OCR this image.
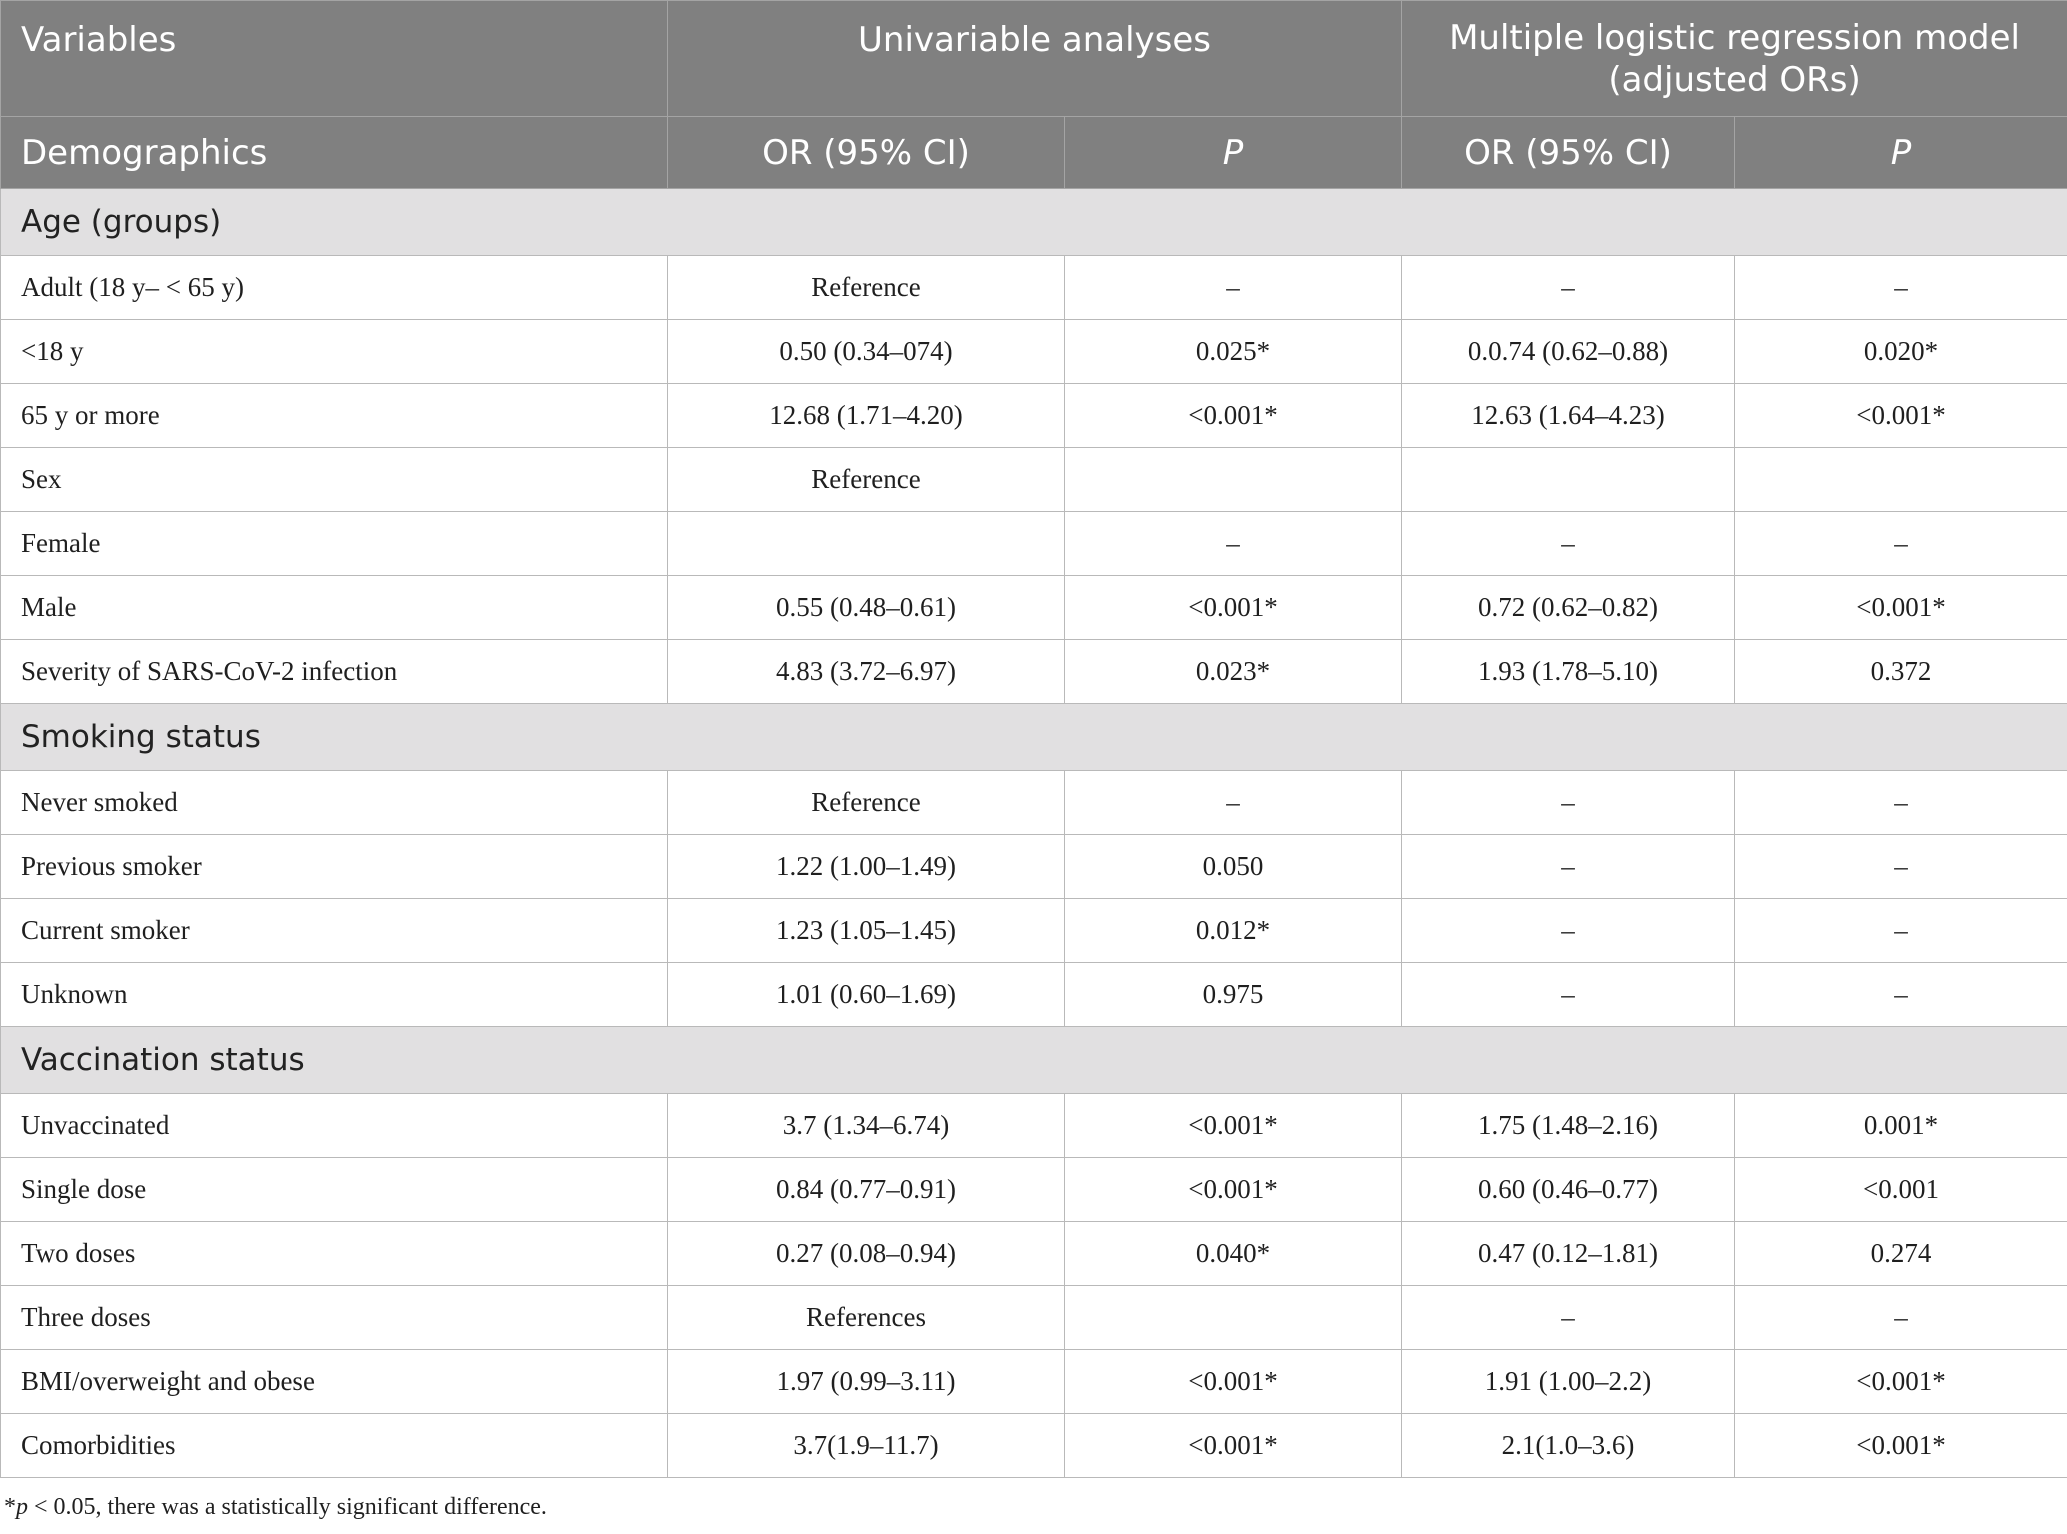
Variables	Univariable analyses		Multiple logistic regression model
(adjusted ORs)	

Demographics	OR (95% CI)	P	OR (95% CI)	P
Age (groups)				
Adult (18 y– < 65 y)	Reference	–	–	–
<18 y	0.50 (0.34–074)	0.025*	0.0.74 (0.62–0.88)	0.020*
65 y or more	12.68 (1.71–4.20)	<0.001*	12.63 (1.64–4.23)	<0.001*
Sex	Reference			
Female		–	–	–
Male	0.55 (0.48–0.61)	<0.001*	0.72 (0.62–0.82)	<0.001*
Severity of SARS-CoV-2 infection	4.83 (3.72–6.97)	0.023*	1.93 (1.78–5.10)	0.372
Smoking status				
Never smoked	Reference	–	–	–
Previous smoker	1.22 (1.00–1.49)	0.050	–	–
Current smoker	1.23 (1.05–1.45)	0.012*	–	–
Unknown	1.01 (0.60–1.69)	0.975	–	–
Vaccination status				
Unvaccinated	3.7 (1.34–6.74)	<0.001*	1.75 (1.48–2.16)	0.001*
Single dose	0.84 (0.77–0.91)	<0.001*	0.60 (0.46–0.77)	<0.001
Two doses	0.27 (0.08–0.94)	0.040*	0.47 (0.12–1.81)	0.274
Three doses	References		–	–
BMI/overweight and obese	1.97 (0.99–3.11)	<0.001*	1.91 (1.00–2.2)	<0.001*
Comorbidities	3.7(1.9–11.7)	<0.001*	2.1(1.0–3.6)	<0.001*
*p < 0.05, there was a statistically significant difference.
